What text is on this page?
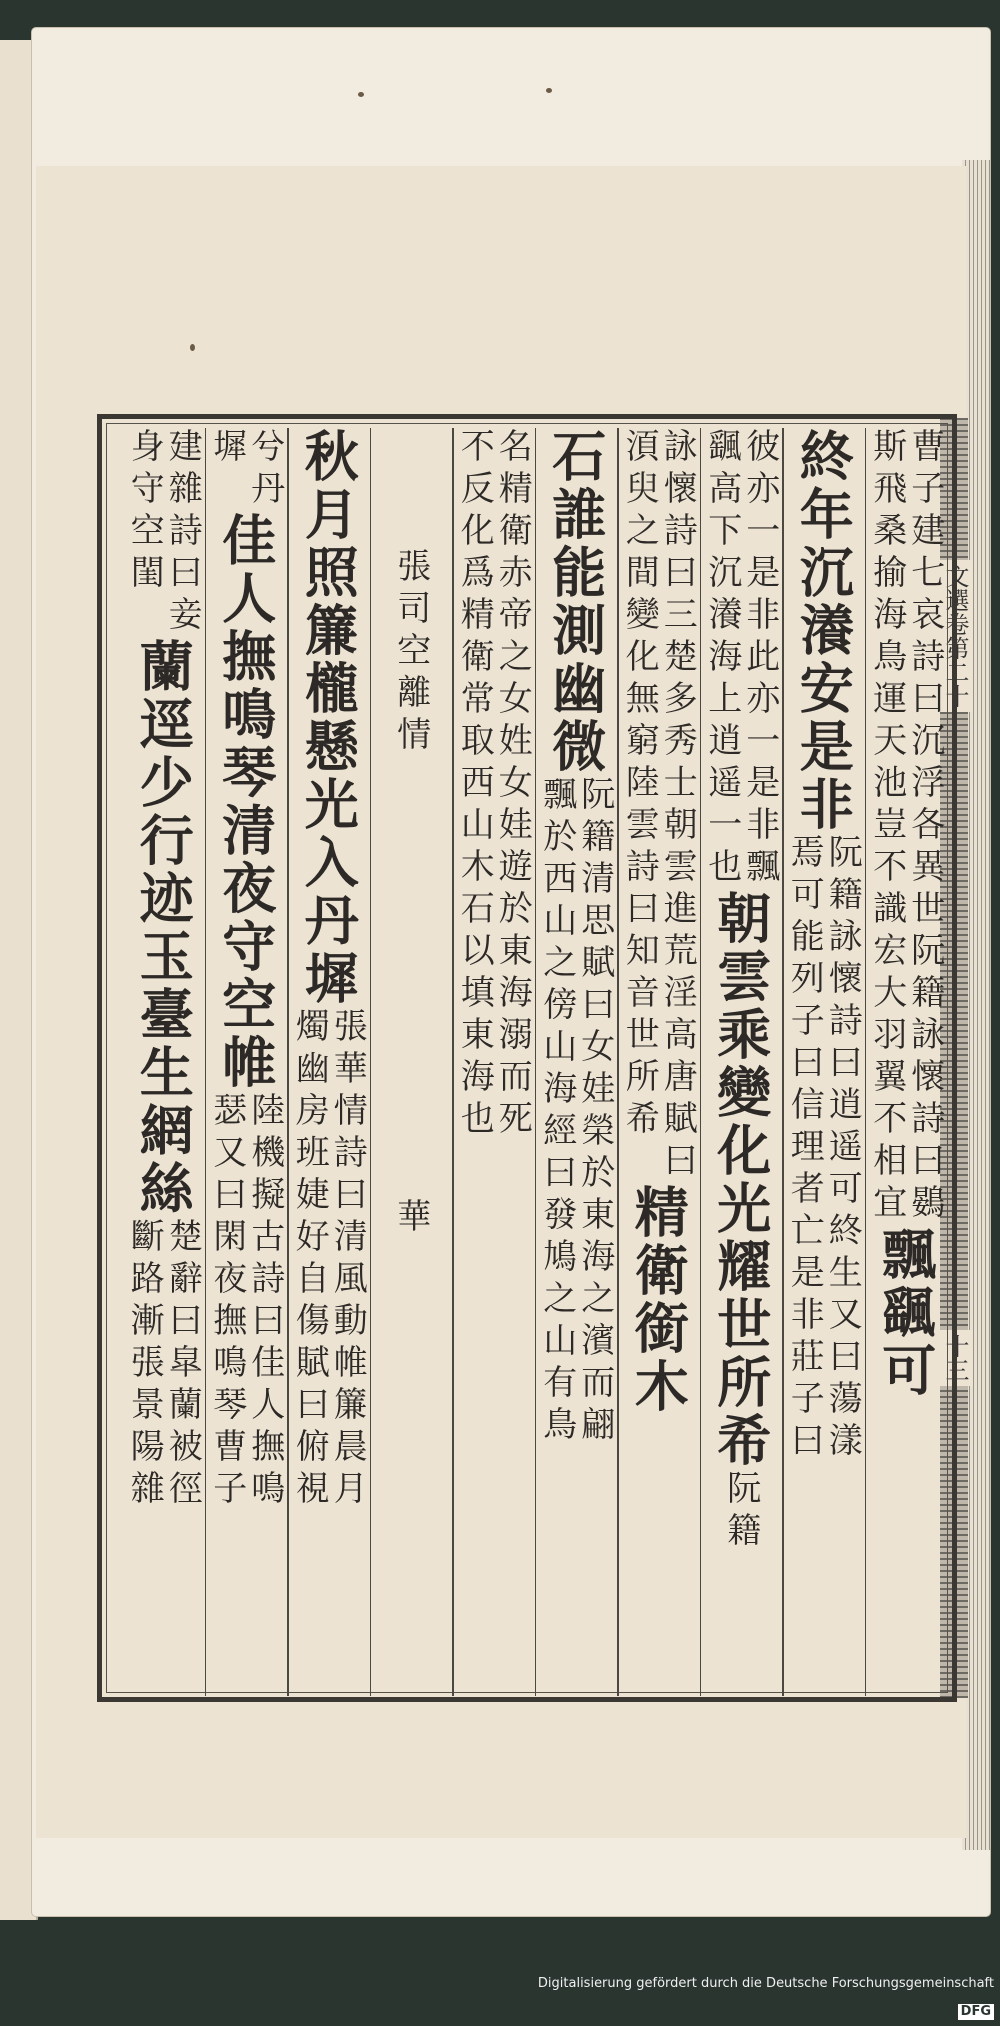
文選卷第二十
十三
曹子建七哀詩曰沉浮各異世阮籍詠懷詩曰鷃
斯飛桑揄海鳥運天池豈不識宏大羽翼不相宜
飄颻可
終年沉瀁安是非
阮籍詠懷詩曰逍遥可終生又曰蕩漾
焉可能列子曰信理者亡是非莊子曰
彼亦一是非此亦一是非飄
颻高下沉瀁海上逍遥一也
朝雲乘變化光耀世所希
阮籍
詠懷詩曰三楚多秀士朝雲進荒淫高唐賦曰
湏臾之間變化無窮陸雲詩曰知音世所希
精衛銜木
石誰能測幽微
阮籍清思賦曰女娃榮於東海之濱而翩
飄於西山之傍山海經曰發鳩之山有鳥
名精衛赤帝之女姓女娃遊於東海溺而死
不反化爲精衛常取西山木石以填東海也
張司空
離情
華
秋月照簾櫳懸光入丹墀
張華情詩曰清風動帷簾晨月
燭幽房班婕好自傷賦曰俯視
兮丹
墀
佳人撫鳴琴清夜守空帷
陸機擬古詩曰佳人撫鳴
瑟又曰閑夜撫鳴琴曹子
建雜詩曰妾
身守空閨
蘭逕少行迹玉臺生網絲
楚辭曰皐蘭被徑
斷路漸張景陽雜
Digitalisierung gefördert durch die Deutsche Forschungsgemeinschaft DFG
